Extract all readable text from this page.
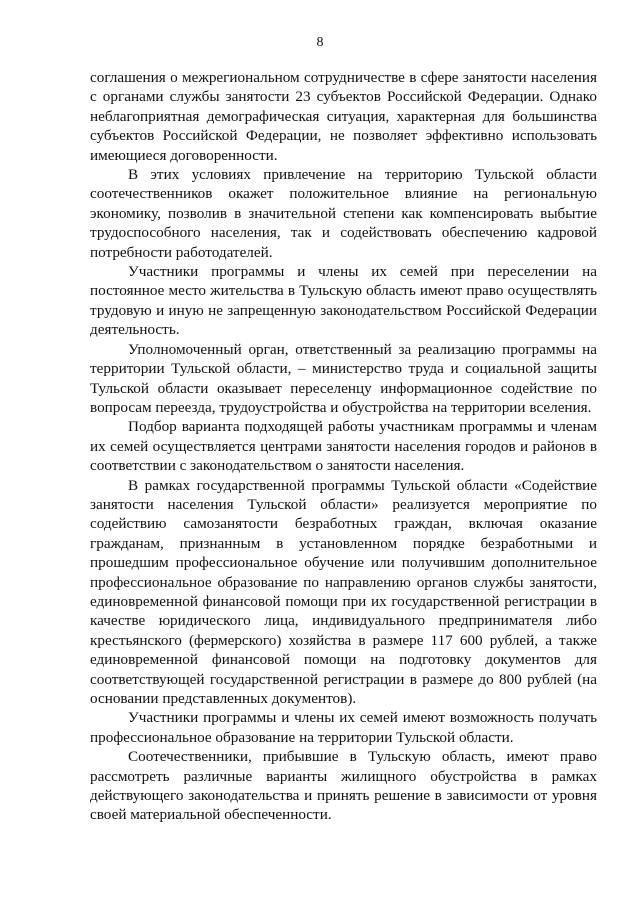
8

соглашения о межрегиональном сотрудничестве в сфере занятости населения с органами службы занятости 23 субъектов Российской Федерации. Однако неблагоприятная демографическая ситуация, характерная для большинства субъектов Российской Федерации, не позволяет эффективно использовать имеющиеся договоренности.

В этих условиях привлечение на территорию Тульской области соотечественников окажет положительное влияние на региональную экономику, позволив в значительной степени как компенсировать выбытие трудоспособного населения, так и содействовать обеспечению кадровой потребности работодателей.

Участники программы и члены их семей при переселении на постоянное место жительства в Тульскую область имеют право осуществлять трудовую и иную не запрещенную законодательством Российской Федерации деятельность.

Уполномоченный орган, ответственный за реализацию программы на территории Тульской области, – министерство труда и социальной защиты Тульской области оказывает переселенцу информационное содействие по вопросам переезда, трудоустройства и обустройства на территории вселения.

Подбор варианта подходящей работы участникам программы и членам их семей осуществляется центрами занятости населения городов и районов в соответствии с законодательством о занятости населения.

В рамках государственной программы Тульской области «Содействие занятости населения Тульской области» реализуется мероприятие по содействию самозанятости безработных граждан, включая оказание гражданам, признанным в установленном порядке безработными и прошедшим профессиональное обучение или получившим дополнительное профессиональное образование по направлению органов службы занятости, единовременной финансовой помощи при их государственной регистрации в качестве юридического лица, индивидуального предпринимателя либо крестьянского (фермерского) хозяйства в размере 117 600 рублей, а также единовременной финансовой помощи на подготовку документов для соответствующей государственной регистрации в размере до 800 рублей (на основании представленных документов).

Участники программы и члены их семей имеют возможность получать профессиональное образование на территории Тульской области.

Соотечественники, прибывшие в Тульскую область, имеют право рассмотреть различные варианты жилищного обустройства в рамках действующего законодательства и принять решение в зависимости от уровня своей материальной обеспеченности.
